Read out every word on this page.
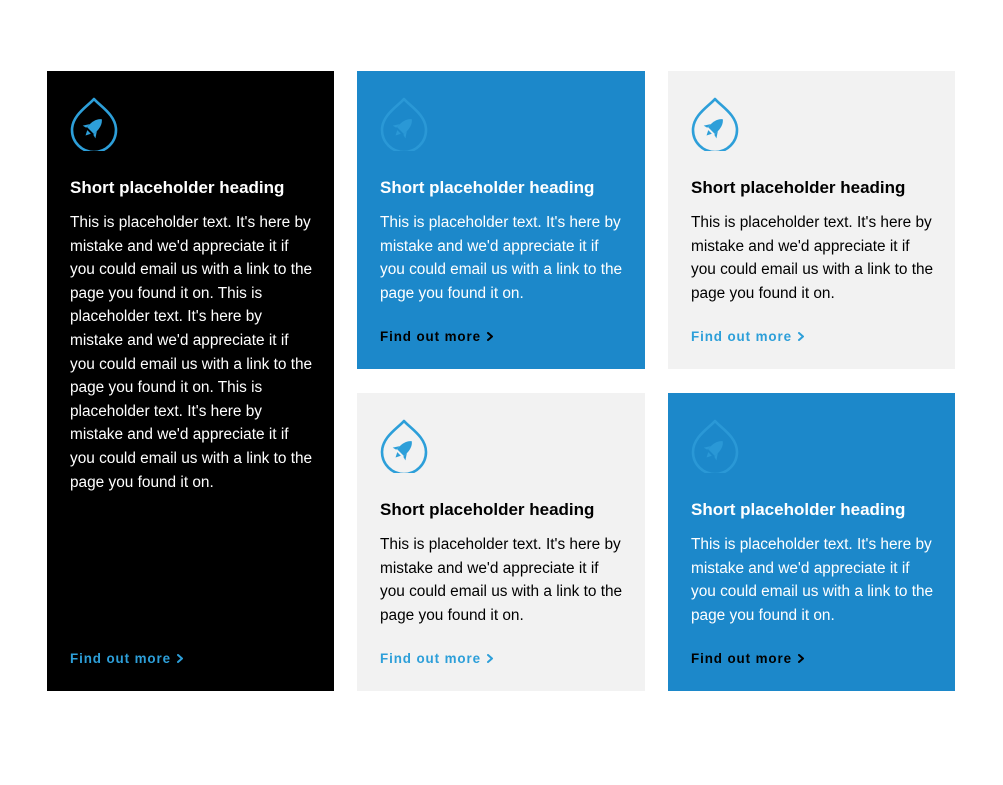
Short placeholder heading

This is placeholder text. It's here by mistake and we'd appreciate it if you could email us with a link to the page you found it on. This is placeholder text. It's here by mistake and we'd appreciate it if you could email us with a link to the page you found it on. This is placeholder text. It's here by mistake and we'd appreciate it if you could email us with a link to the page you found it on.

Find out more
Short placeholder heading

This is placeholder text. It's here by mistake and we'd appreciate it if you could email us with a link to the page you found it on.

Find out more
Short placeholder heading

This is placeholder text. It's here by mistake and we'd appreciate it if you could email us with a link to the page you found it on.

Find out more
Short placeholder heading

This is placeholder text. It's here by mistake and we'd appreciate it if you could email us with a link to the page you found it on.

Find out more
Short placeholder heading

This is placeholder text. It's here by mistake and we'd appreciate it if you could email us with a link to the page you found it on.

Find out more
